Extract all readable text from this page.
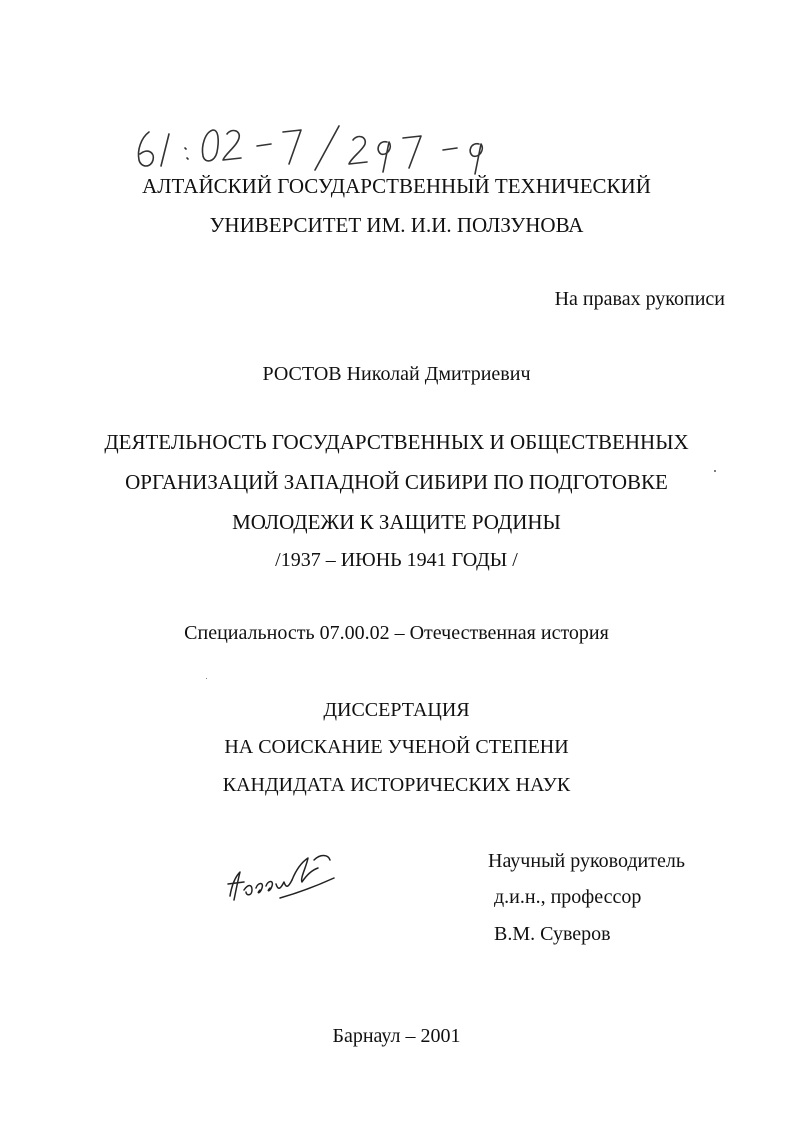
АЛТАЙСКИЙ ГОСУДАРСТВЕННЫЙ ТЕХНИЧЕСКИЙ
УНИВЕРСИТЕТ ИМ. И.И. ПОЛЗУНОВА
На правах рукописи
РОСТОВ Николай Дмитриевич
ДЕЯТЕЛЬНОСТЬ ГОСУДАРСТВЕННЫХ И ОБЩЕСТВЕННЫХ
ОРГАНИЗАЦИЙ ЗАПАДНОЙ СИБИРИ ПО ПОДГОТОВКЕ
МОЛОДЕЖИ К ЗАЩИТЕ РОДИНЫ
/1937 – ИЮНЬ 1941 ГОДЫ /
Специальность 07.00.02 – Отечественная история
ДИССЕРТАЦИЯ
НА СОИСКАНИЕ УЧЕНОЙ СТЕПЕНИ
КАНДИДАТА ИСТОРИЧЕСКИХ НАУК
Научный руководитель
д.и.н., профессор
В.М. Суверов
Барнаул – 2001
